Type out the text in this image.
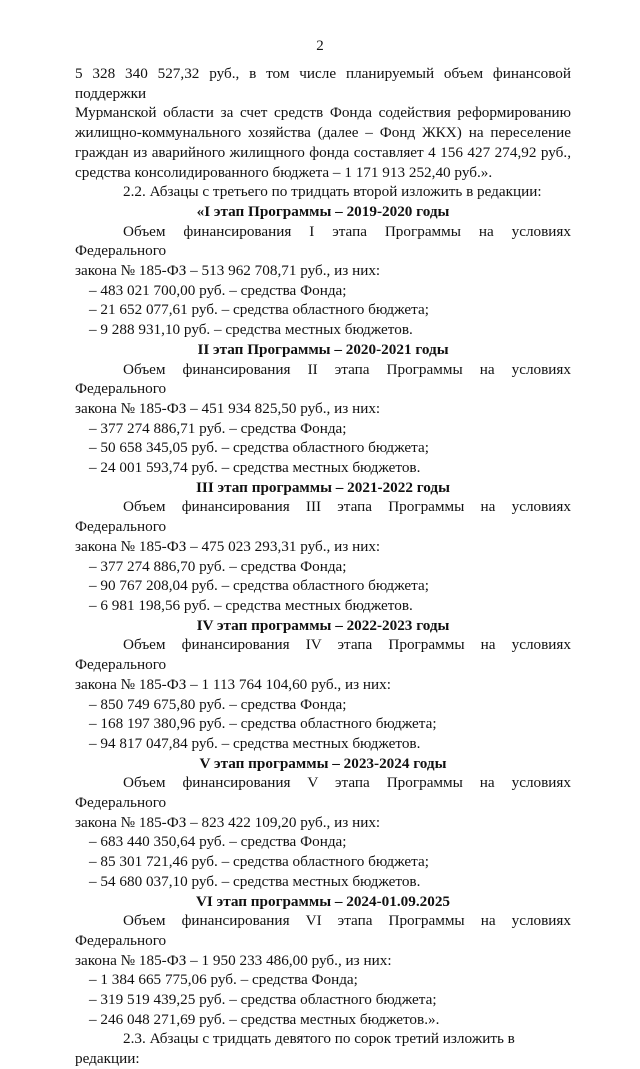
2

5 328 340 527,32 руб., в том числе планируемый объем финансовой поддержки

Мурманской области за счет средств Фонда содействия реформированию

жилищно-коммунального хозяйства (далее – Фонд ЖКХ) на переселение

граждан из аварийного жилищного фонда составляет 4 156 427 274,92 руб.,

средства консолидированного бюджета – 1 171 913 252,40 руб.».

2.2. Абзацы с третьего по тридцать второй изложить в редакции:

«I этап Программы – 2019-2020 годы

Объем финансирования I этапа Программы на условиях Федерального

закона № 185-ФЗ – 513 962 708,71 руб., из них:

– 483 021 700,00 руб. – средства Фонда;

– 21 652 077,61 руб. – средства областного бюджета;

– 9 288 931,10 руб. – средства местных бюджетов.

II этап Программы – 2020-2021 годы

Объем финансирования II этапа Программы на условиях Федерального

закона № 185-ФЗ – 451 934 825,50 руб., из них:

– 377 274 886,71 руб. – средства Фонда;

– 50 658 345,05 руб. – средства областного бюджета;

– 24 001 593,74 руб. – средства местных бюджетов.

III этап программы – 2021-2022 годы

Объем финансирования III этапа Программы на условиях Федерального

закона № 185-ФЗ – 475 023 293,31 руб., из них:

– 377 274 886,70 руб. – средства Фонда;

– 90 767 208,04 руб. – средства областного бюджета;

– 6 981 198,56 руб. – средства местных бюджетов.

IV этап программы – 2022-2023 годы

Объем финансирования IV этапа Программы на условиях Федерального

закона № 185-ФЗ – 1 113 764 104,60 руб., из них:

– 850 749 675,80 руб. – средства Фонда;

– 168 197 380,96 руб. – средства областного бюджета;

– 94 817 047,84 руб. – средства местных бюджетов.

V этап программы – 2023-2024 годы

Объем финансирования V этапа Программы на условиях Федерального

закона № 185-ФЗ – 823 422 109,20 руб., из них:

– 683 440 350,64 руб. – средства Фонда;

– 85 301 721,46 руб. – средства областного бюджета;

– 54 680 037,10 руб. – средства местных бюджетов.

VI этап программы – 2024-01.09.2025

Объем финансирования VI этапа Программы на условиях Федерального

закона № 185-ФЗ – 1 950 233 486,00 руб., из них:

– 1 384 665 775,06 руб. – средства Фонда;

– 319 519 439,25 руб. – средства областного бюджета;

– 246 048 271,69 руб. – средства местных бюджетов.».

2.3. Абзацы с тридцать девятого по сорок третий изложить в редакции:
